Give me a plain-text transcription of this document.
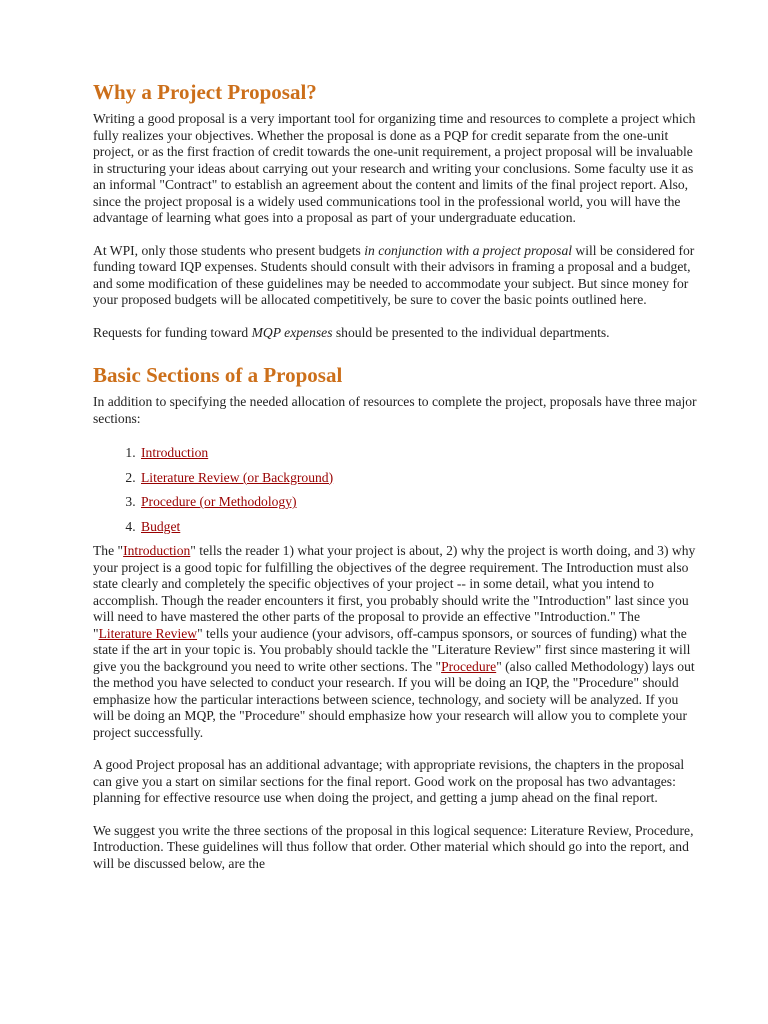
Why a Project Proposal?

Writing a good proposal is a very important tool for organizing time and resources to complete a project which fully realizes your objectives. Whether the proposal is done as a PQP for credit separate from the one-unit project, or as the first fraction of credit towards the one-unit requirement, a project proposal will be invaluable in structuring your ideas about carrying out your research and writing your conclusions. Some faculty use it as an informal "Contract" to establish an agreement about the content and limits of the final project report. Also, since the project proposal is a widely used communications tool in the professional world, you will have the advantage of learning what goes into a proposal as part of your undergraduate education.

At WPI, only those students who present budgets in conjunction with a project proposal will be considered for funding toward IQP expenses. Students should consult with their advisors in framing a proposal and a budget, and some modification of these guidelines may be needed to accommodate your subject. But since money for your proposed budgets will be allocated competitively, be sure to cover the basic points outlined here.

Requests for funding toward MQP expenses should be presented to the individual departments.

Basic Sections of a Proposal

In addition to specifying the needed allocation of resources to complete the project, proposals have three major sections:

1. Introduction
2. Literature Review (or Background)
3. Procedure (or Methodology)
4. Budget

The "Introduction" tells the reader 1) what your project is about, 2) why the project is worth doing, and 3) why your project is a good topic for fulfilling the objectives of the degree requirement. The Introduction must also state clearly and completely the specific objectives of your project -- in some detail, what you intend to accomplish. Though the reader encounters it first, you probably should write the "Introduction" last since you will need to have mastered the other parts of the proposal to provide an effective "Introduction." The "Literature Review" tells your audience (your advisors, off-campus sponsors, or sources of funding) what the state if the art in your topic is. You probably should tackle the "Literature Review" first since mastering it will give you the background you need to write other sections. The "Procedure" (also called Methodology) lays out the method you have selected to conduct your research. If you will be doing an IQP, the "Procedure" should emphasize how the particular interactions between science, technology, and society will be analyzed. If you will be doing an MQP, the "Procedure" should emphasize how your research will allow you to complete your project successfully.

A good Project proposal has an additional advantage; with appropriate revisions, the chapters in the proposal can give you a start on similar sections for the final report. Good work on the proposal has two advantages: planning for effective resource use when doing the project, and getting a jump ahead on the final report.

We suggest you write the three sections of the proposal in this logical sequence: Literature Review, Procedure, Introduction. These guidelines will thus follow that order. Other material which should go into the report, and will be discussed below, are the
